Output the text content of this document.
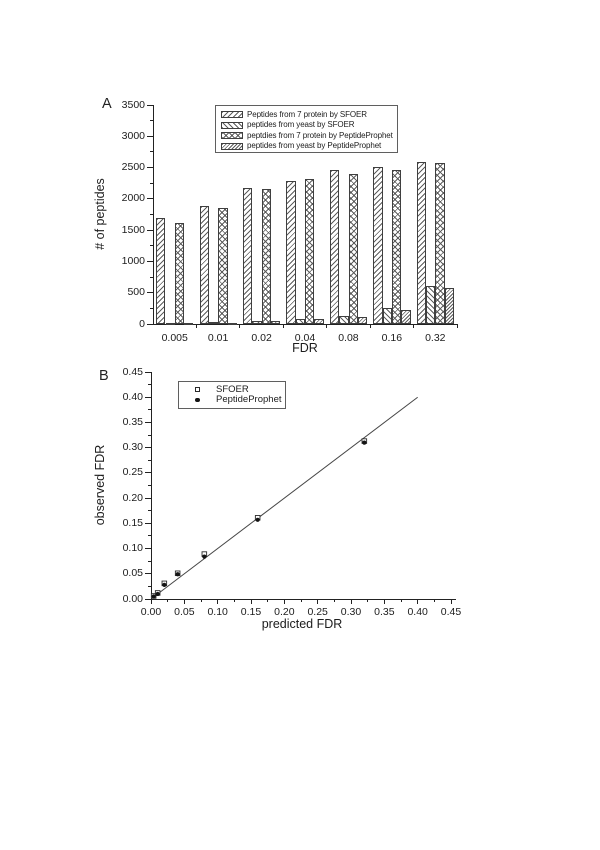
A
# of peptides
FDR
B
observed FDR
predicted FDR
0
500
1000
1500
2000
2500
3000
3500
0.005	0.01	0.02	0.04	0.08	0.16	0.32
Peptides from 7 protein by SFOER
peptides from yeast by SFOER
peptdies from 7 protein by PeptideProphet
peptides from yeast by PeptideProphet
0.00	0.05	0.10	0.15	0.20	0.25	0.30	0.35	0.40	0.45
0.00
0.05
0.10
0.15
0.20
0.25
0.30
0.35
0.40
0.45
SFOER
PeptideProphet
